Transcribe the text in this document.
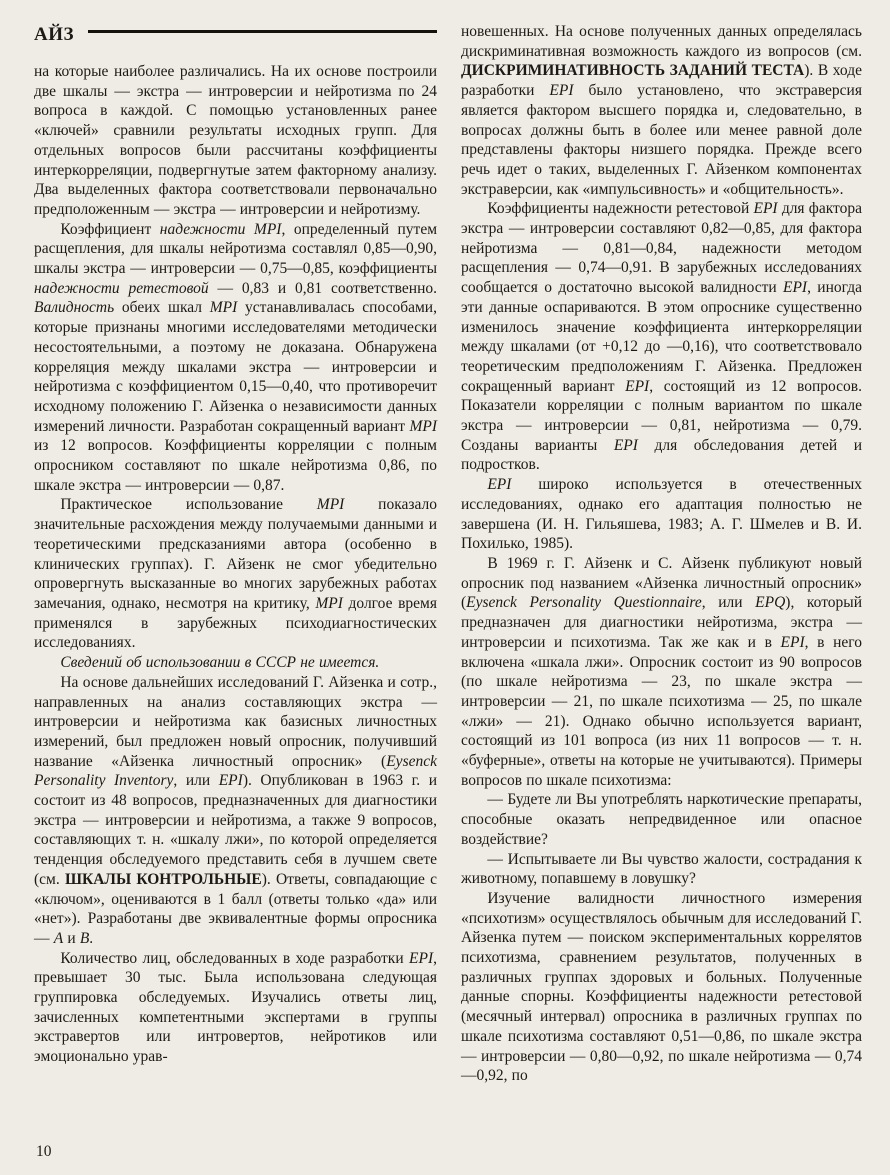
АЙЗ

на которые наиболее различались. На их основе построили две шкалы — экстра — интроверсии и нейротизма по 24 вопроса в каждой. С помощью установленных ранее «ключей» сравнили результаты исходных групп. Для отдельных вопросов были рассчитаны коэффициенты интеркорреляции, подвергнутые затем факторному анализу. Два выделенных фактора соответствовали первоначально предположенным — экстра — интроверсии и нейротизму.

Коэффициент надежности MPI, определенный путем расщепления, для шкалы нейротизма составлял 0,85—0,90, шкалы экстра — интроверсии — 0,75—0,85, коэффициенты надежности ретестовой — 0,83 и 0,81 соответственно. Валидность обеих шкал MPI устанавливалась способами, которые признаны многими исследователями методически несостоятельными, а поэтому не доказана. Обнаружена корреляция между шкалами экстра — интроверсии и нейротизма с коэффициентом 0,15—0,40, что противоречит исходному положению Г. Айзенка о независимости данных измерений личности. Разработан сокращенный вариант MPI из 12 вопросов. Коэффициенты корреляции с полным опросником составляют по шкале нейротизма 0,86, по шкале экстра — интроверсии — 0,87.

Практическое использование MPI показало значительные расхождения между получаемыми данными и теоретическими предсказаниями автора (особенно в клинических группах). Г. Айзенк не смог убедительно опровергнуть высказанные во многих зарубежных работах замечания, однако, несмотря на критику, MPI долгое время применялся в зарубежных психодиагностических исследованиях.

Сведений об использовании в СССР не имеется.

На основе дальнейших исследований Г. Айзенка и сотр., направленных на анализ составляющих экстра — интроверсии и нейротизма как базисных личностных измерений, был предложен новый опросник, получивший название «Айзенка личностный опросник» (Eysenck Personality Inventory, или EPI). Опубликован в 1963 г. и состоит из 48 вопросов, предназначенных для диагностики экстра — интроверсии и нейротизма, а также 9 вопросов, составляющих т. н. «шкалу лжи», по которой определяется тенденция обследуемого представить себя в лучшем свете (см. ШКАЛЫ КОНТРОЛЬНЫЕ). Ответы, совпадающие с «ключом», оцениваются в 1 балл (ответы только «да» или «нет»). Разработаны две эквивалентные формы опросника — A и B.

Количество лиц, обследованных в ходе разработки EPI, превышает 30 тыс. Была использована следующая группировка обследуемых. Изучались ответы лиц, зачисленных компетентными экспертами в группы экстравертов или интровертов, нейротиков или эмоционально урав-

новешенных. На основе полученных данных определялась дискриминативная возможность каждого из вопросов (см. ДИСКРИМИНАТИВНОСТЬ ЗАДАНИЙ ТЕСТА). В ходе разработки EPI было установлено, что экстраверсия является фактором высшего порядка и, следовательно, в вопросах должны быть в более или менее равной доле представлены факторы низшего порядка. Прежде всего речь идет о таких, выделенных Г. Айзенком компонентах экстраверсии, как «импульсивность» и «общительность».

Коэффициенты надежности ретестовой EPI для фактора экстра — интроверсии составляют 0,82—0,85, для фактора нейротизма — 0,81—0,84, надежности методом расщепления — 0,74—0,91. В зарубежных исследованиях сообщается о достаточно высокой валидности EPI, иногда эти данные оспариваются. В этом опроснике существенно изменилось значение коэффициента интеркорреляции между шкалами (от +0,12 до —0,16), что соответствовало теоретическим предположениям Г. Айзенка. Предложен сокращенный вариант EPI, состоящий из 12 вопросов. Показатели корреляции с полным вариантом по шкале экстра — интроверсии — 0,81, нейротизма — 0,79. Созданы варианты EPI для обследования детей и подростков.

EPI широко используется в отечественных исследованиях, однако его адаптация полностью не завершена (И. Н. Гильяшева, 1983; А. Г. Шмелев и В. И. Похилько, 1985).

В 1969 г. Г. Айзенк и С. Айзенк публикуют новый опросник под названием «Айзенка личностный опросник» (Eysenck Personality Questionnaire, или EPQ), который предназначен для диагностики нейротизма, экстра — интроверсии и психотизма. Так же как и в EPI, в него включена «шкала лжи». Опросник состоит из 90 вопросов (по шкале нейротизма — 23, по шкале экстра — интроверсии — 21, по шкале психотизма — 25, по шкале «лжи» — 21). Однако обычно используется вариант, состоящий из 101 вопроса (из них 11 вопросов — т. н. «буферные», ответы на которые не учитываются). Примеры вопросов по шкале психотизма:

— Будете ли Вы употреблять наркотические препараты, способные оказать непредвиденное или опасное воздействие?

— Испытываете ли Вы чувство жалости, сострадания к животному, попавшему в ловушку?

Изучение валидности личностного измерения «психотизм» осуществлялось обычным для исследований Г. Айзенка путем — поиском экспериментальных коррелятов психотизма, сравнением результатов, полученных в различных группах здоровых и больных. Полученные данные спорны. Коэффициенты надежности ретестовой (месячный интервал) опросника в различных группах по шкале психотизма составляют 0,51—0,86, по шкале экстра — интроверсии — 0,80—0,92, по шкале нейротизма — 0,74—0,92, по

10
